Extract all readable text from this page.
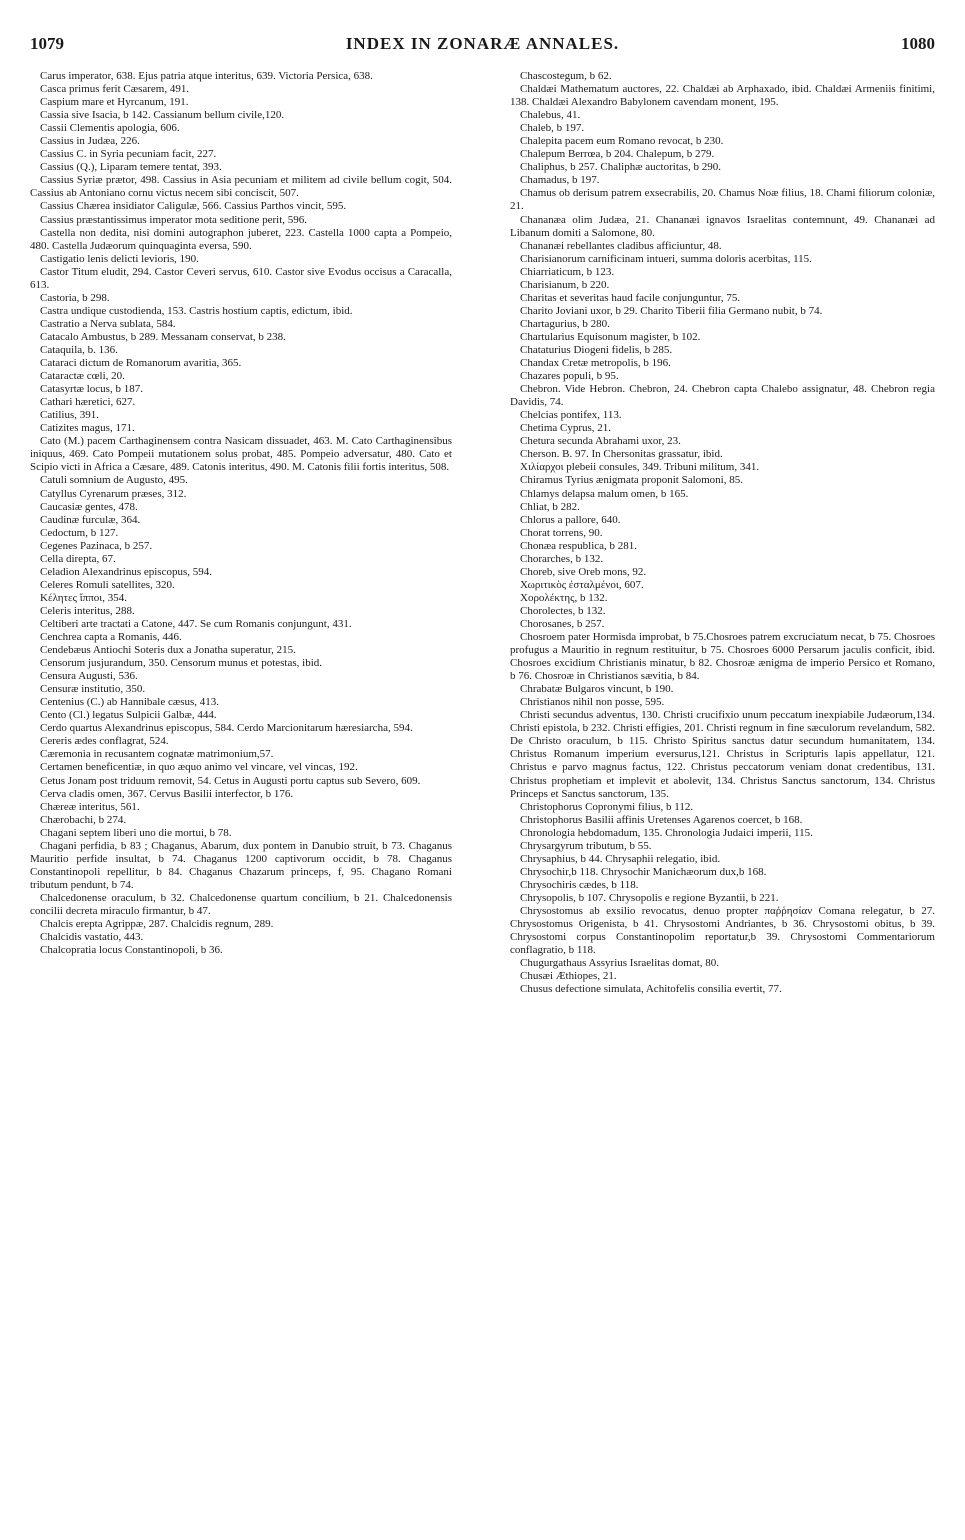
1079	INDEX IN ZONARÆ ANNALES.	1080

Carus imperator, 638. Ejus patria atque interitus, 639. Victoria Persica, 638.

Casca primus ferit Cæsarem, 491.

Caspium mare et Hyrcanum, 191.

Cassia sive Isacia, b 142. Cassianum bellum civile,120.

Cassii Clementis apologia, 606.

Cassius in Judæa, 226.

Cassius C. in Syria pecuniam facit, 227.

Cassius (Q.), Liparam temere tentat, 393.

Cassius Syriæ prætor, 498. Cassius in Asia pecuniam et militem ad civile bellum cogit, 504. Cassius ab Antoniano cornu victus necem sibi conciscit, 507.

Cassius Chærea insidiator Caligulæ, 566. Cassius Parthos vincit, 595.

Cassius præstantissimus imperator mota seditione perit, 596.

Castella non dedita, nisi domini autographon juberet, 223. Castella 1000 capta a Pompeio, 480. Castella Judæorum quinquaginta eversa, 590.

Castigatio lenis delicti levioris, 190.

Castor Titum eludit, 294. Castor Ceveri servus, 610. Castor sive Evodus occisus a Caracalla, 613.

Castoria, b 298.

Castra undique custodienda, 153. Castris hostium captis, edictum, ibid.

Castratio a Nerva sublata, 584.

Catacalo Ambustus, b 289. Messanam conservat, b 238.

Cataquila, b. 136.

Cataraci dictum de Romanorum avaritia, 365.

Cataractæ cœli, 20.

Catasyrtæ locus, b 187.

Cathari hæretici, 627.

Catilius, 391.

Catizites magus, 171.

Cato (M.) pacem Carthaginensem contra Nasicam dissuadet, 463. M. Cato Carthaginensibus iniquus, 469. Cato Pompeii mutationem solus probat, 485. Pompeio adversatur, 480. Cato et Scipio victi in Africa a Cæsare, 489. Catonis interitus, 490. M. Catonis filii fortis interitus, 508.

Catuli somnium de Augusto, 495.

Catyllus Cyrenarum præses, 312.

Caucasiæ gentes, 478.

Caudinæ furculæ, 364.

Cedoctum, b 127.

Cegenes Pazinaca, b 257.

Cella direpta, 67.

Celadion Alexandrinus episcopus, 594.

Celeres Romuli satellites, 320.

Κέλητες ἵπποι, 354.

Celeris interitus, 288.

Celtiberi arte tractati a Catone, 447. Se cum Romanis conjungunt, 431.

Cenchrea capta a Romanis, 446.

Cendebæus Antiochi Soteris dux a Jonatha superatur, 215.

Censorum jusjurandum, 350. Censorum munus et potestas, ibid.

Censura Augusti, 536.

Censuræ institutio, 350.

Centenius (C.) ab Hannibale cæsus, 413.

Cento (Cl.) legatus Sulpicii Galbæ, 444.

Cerdo quartus Alexandrinus episcopus, 584. Cerdo Marcionitarum hæresiarcha, 594.

Cereris ædes conflagrat, 524.

Cæremonia in recusantem cognatæ matrimonium,57.

Certamen beneficentiæ, in quo æquo animo vel vincare, vel vincas, 192.

Cetus Jonam post triduum removit, 54. Cetus in Augusti portu captus sub Severo, 609.

Cerva cladis omen, 367. Cervus Basilii interfector, b 176.

Chæreæ interitus, 561.

Chærobachi, b 274.

Chagani septem liberi uno die mortui, b 78.

Chagani perfidia, b 83 ; Chaganus, Abarum, dux pontem in Danubio struit, b 73. Chaganus Mauritio perfide insultat, b 74. Chaganus 1200 captivorum occidit, b 78. Chaganus Constantinopoli repellitur, b 84. Chaganus Chazarum princeps, f, 95. Chagano Romani tributum pendunt, b 74.

Chalcedonense oraculum, b 32. Chalcedonense quartum concilium, b 21. Chalcedonensis concilii decreta miraculo firmantur, b 47.

Chalcis erepta Agrippæ, 287. Chalcidis regnum, 289.

Chalcidis vastatio, 443.

Chalcopratia locus Constantinopoli, b 36.

Chascostegum, b 62.

Chaldæi Mathematum auctores, 22. Chaldæi ab Arphaxado, ibid. Chaldæi Armeniis finitimi, 138. Chaldæi Alexandro Babylonem cavendam monent, 195.

Chalebus, 41.

Chaleb, b 197.

Chalepita pacem eum Romano revocat, b 230.

Chalepum Berrœa, b 204. Chalepum, b 279.

Chaliphus, b 257. Chaliphæ auctoritas, b 290.

Chamadus, b 197.

Chamus ob derisum patrem exsecrabilis, 20. Chamus Noæ filius, 18. Chami filiorum coloniæ, 21.

Chananæa olim Judæa, 21. Chananæi ignavos Israelitas contemnunt, 49. Chananæi ad Libanum domiti a Salomone, 80.

Chananæi rebellantes cladibus afficiuntur, 48.

Charisianorum carnificinam intueri, summa doloris acerbitas, 115.

Chiarriaticum, b 123.

Charisianum, b 220.

Charitas et severitas haud facile conjunguntur, 75.

Charito Joviani uxor, b 29. Charito Tiberii filia Germano nubit, b 74.

Chartagurius, b 280.

Chartularius Equisonum magister, b 102.

Chataturius Diogeni fidelis, b 285.

Chandax Cretæ metropolis, b 196.

Chazares populi, b 95.

Chebron. Vide Hebron. Chebron, 24. Chebron capta Chalebo assignatur, 48. Chebron regia Davidis, 74.

Chelcias pontifex, 113.

Chetima Cyprus, 21.

Chetura secunda Abrahami uxor, 23.

Cherson. B. 97. In Chersonitas grassatur, ibid.

Χιλίαρχοι plebeii consules, 349. Tribuni militum, 341.

Chiramus Tyrius ænigmata proponit Salomoni, 85.

Chlamys delapsa malum omen, b 165.

Chliat, b 282.

Chlorus a pallore, 640.

Chorat torrens, 90.

Chonæa respublica, b 281.

Chorarches, b 132.

Choreb, sive Oreb mons, 92.

Χωριτικὸς ἐσταλμένοι, 607.

Χορολέκτης, b 132.

Chorolectes, b 132.

Chorosanes, b 257.

Chosroem pater Hormisda improbat, b 75.Chosroes patrem excruciatum necat, b 75. Chosroes profugus a Mauritio in regnum restituitur, b 75. Chosroes 6000 Persarum jaculis conficit, ibid. Chosroes excidium Christianis minatur, b 82. Chosroæ ænigma de imperio Persico et Romano, b 76. Chosroæ in Christianos sævitia, b 84.

Chrabatæ Bulgaros vincunt, b 190.

Christianos nihil non posse, 595.

Christi secundus adventus, 130. Christi crucifixio unum peccatum inexpiabile Judæorum,134. Christi epistola, b 232. Christi effigies, 201. Christi regnum in fine sæculorum revelandum, 582. De Christo oraculum, b 115. Christo Spiritus sanctus datur secundum humanitatem, 134. Christus Romanum imperium eversurus,121. Christus in Scripturis lapis appellatur, 121. Christus e parvo magnus factus, 122. Christus peccatorum veniam donat credentibus, 131. Christus prophetiam et implevit et abolevit, 134. Christus Sanctus sanctorum, 134. Christus Princeps et Sanctus sanctorum, 135.

Christophorus Copronymi filius, b 112.

Christophorus Basilii affinis Uretenses Agarenos coercet, b 168.

Chronologia hebdomadum, 135. Chronologia Judaici imperii, 115.

Chrysargyrum tributum, b 55.

Chrysaphius, b 44. Chrysaphii relegatio, ibid.

Chrysochir,b 118. Chrysochir Manichæorum dux,b 168.

Chrysochiris cædes, b 118.

Chrysopolis, b 107. Chrysopolis e regione Byzantii, b 221.

Chrysostomus ab exsilio revocatus, denuo propter παῤῥησίαν Comana relegatur, b 27. Chrysostomus Origenista, b 41. Chrysostomi Andriantes, b 36. Chrysostomi obitus, b 39. Chrysostomi corpus Constantinopolim reportatur,b 39. Chrysostomi Commentariorum conflagratio, b 118.

Chugurgathaus Assyrius Israelitas domat, 80.

Chusæi Æthiopes, 21.

Chusus defectione simulata, Achitofelis consilia evertit, 77.
